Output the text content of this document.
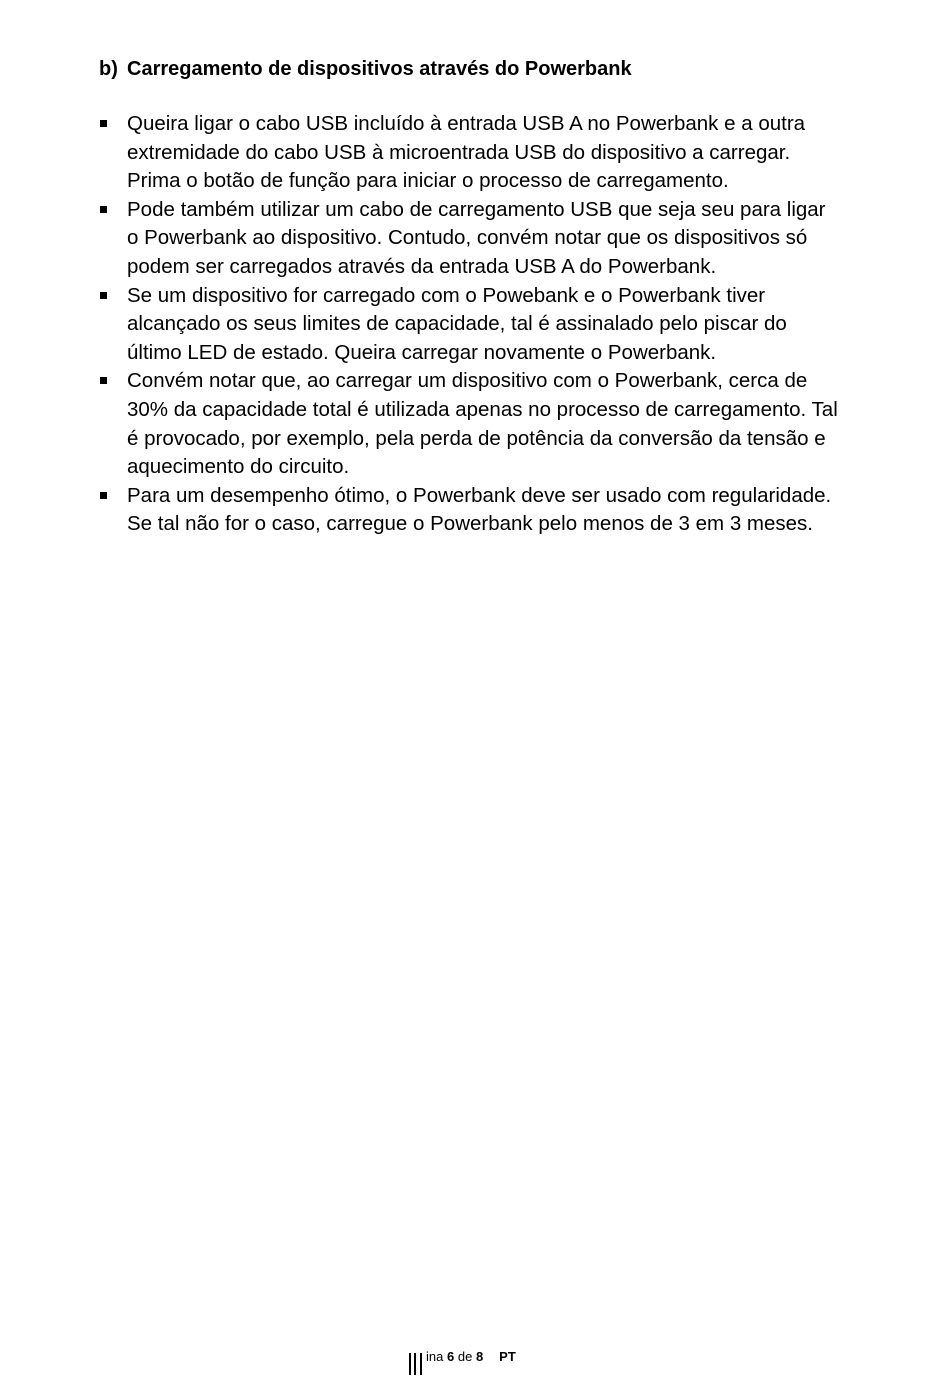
b) Carregamento de dispositivos através do Powerbank
Queira ligar o cabo USB incluído à entrada USB A no Powerbank e a outra extremidade do cabo USB à microentrada USB do dispositivo a carregar. Prima o botão de função para iniciar o processo de carregamento.
Pode também utilizar um cabo de carregamento USB que seja seu para ligar o Powerbank ao dispositivo. Contudo, convém notar que os dispositivos só podem ser carregados através da entrada USB A do Powerbank.
Se um dispositivo for carregado com o Powebank e o Powerbank tiver alcançado os seus limites de capacidade, tal é assinalado pelo piscar do último LED de estado. Queira carregar novamente o Powerbank.
Convém notar que, ao carregar um dispositivo com o Powerbank, cerca de 30% da capacidade total é utilizada apenas no processo de carregamento. Tal é provocado, por exemplo, pela perda de potência da conversão da tensão e aquecimento do circuito.
Para um desempenho ótimo, o Powerbank deve ser usado com regularidade. Se tal não for o caso, carregue o Powerbank pelo menos de 3 em 3 meses.
ina
6
de
8 PT
